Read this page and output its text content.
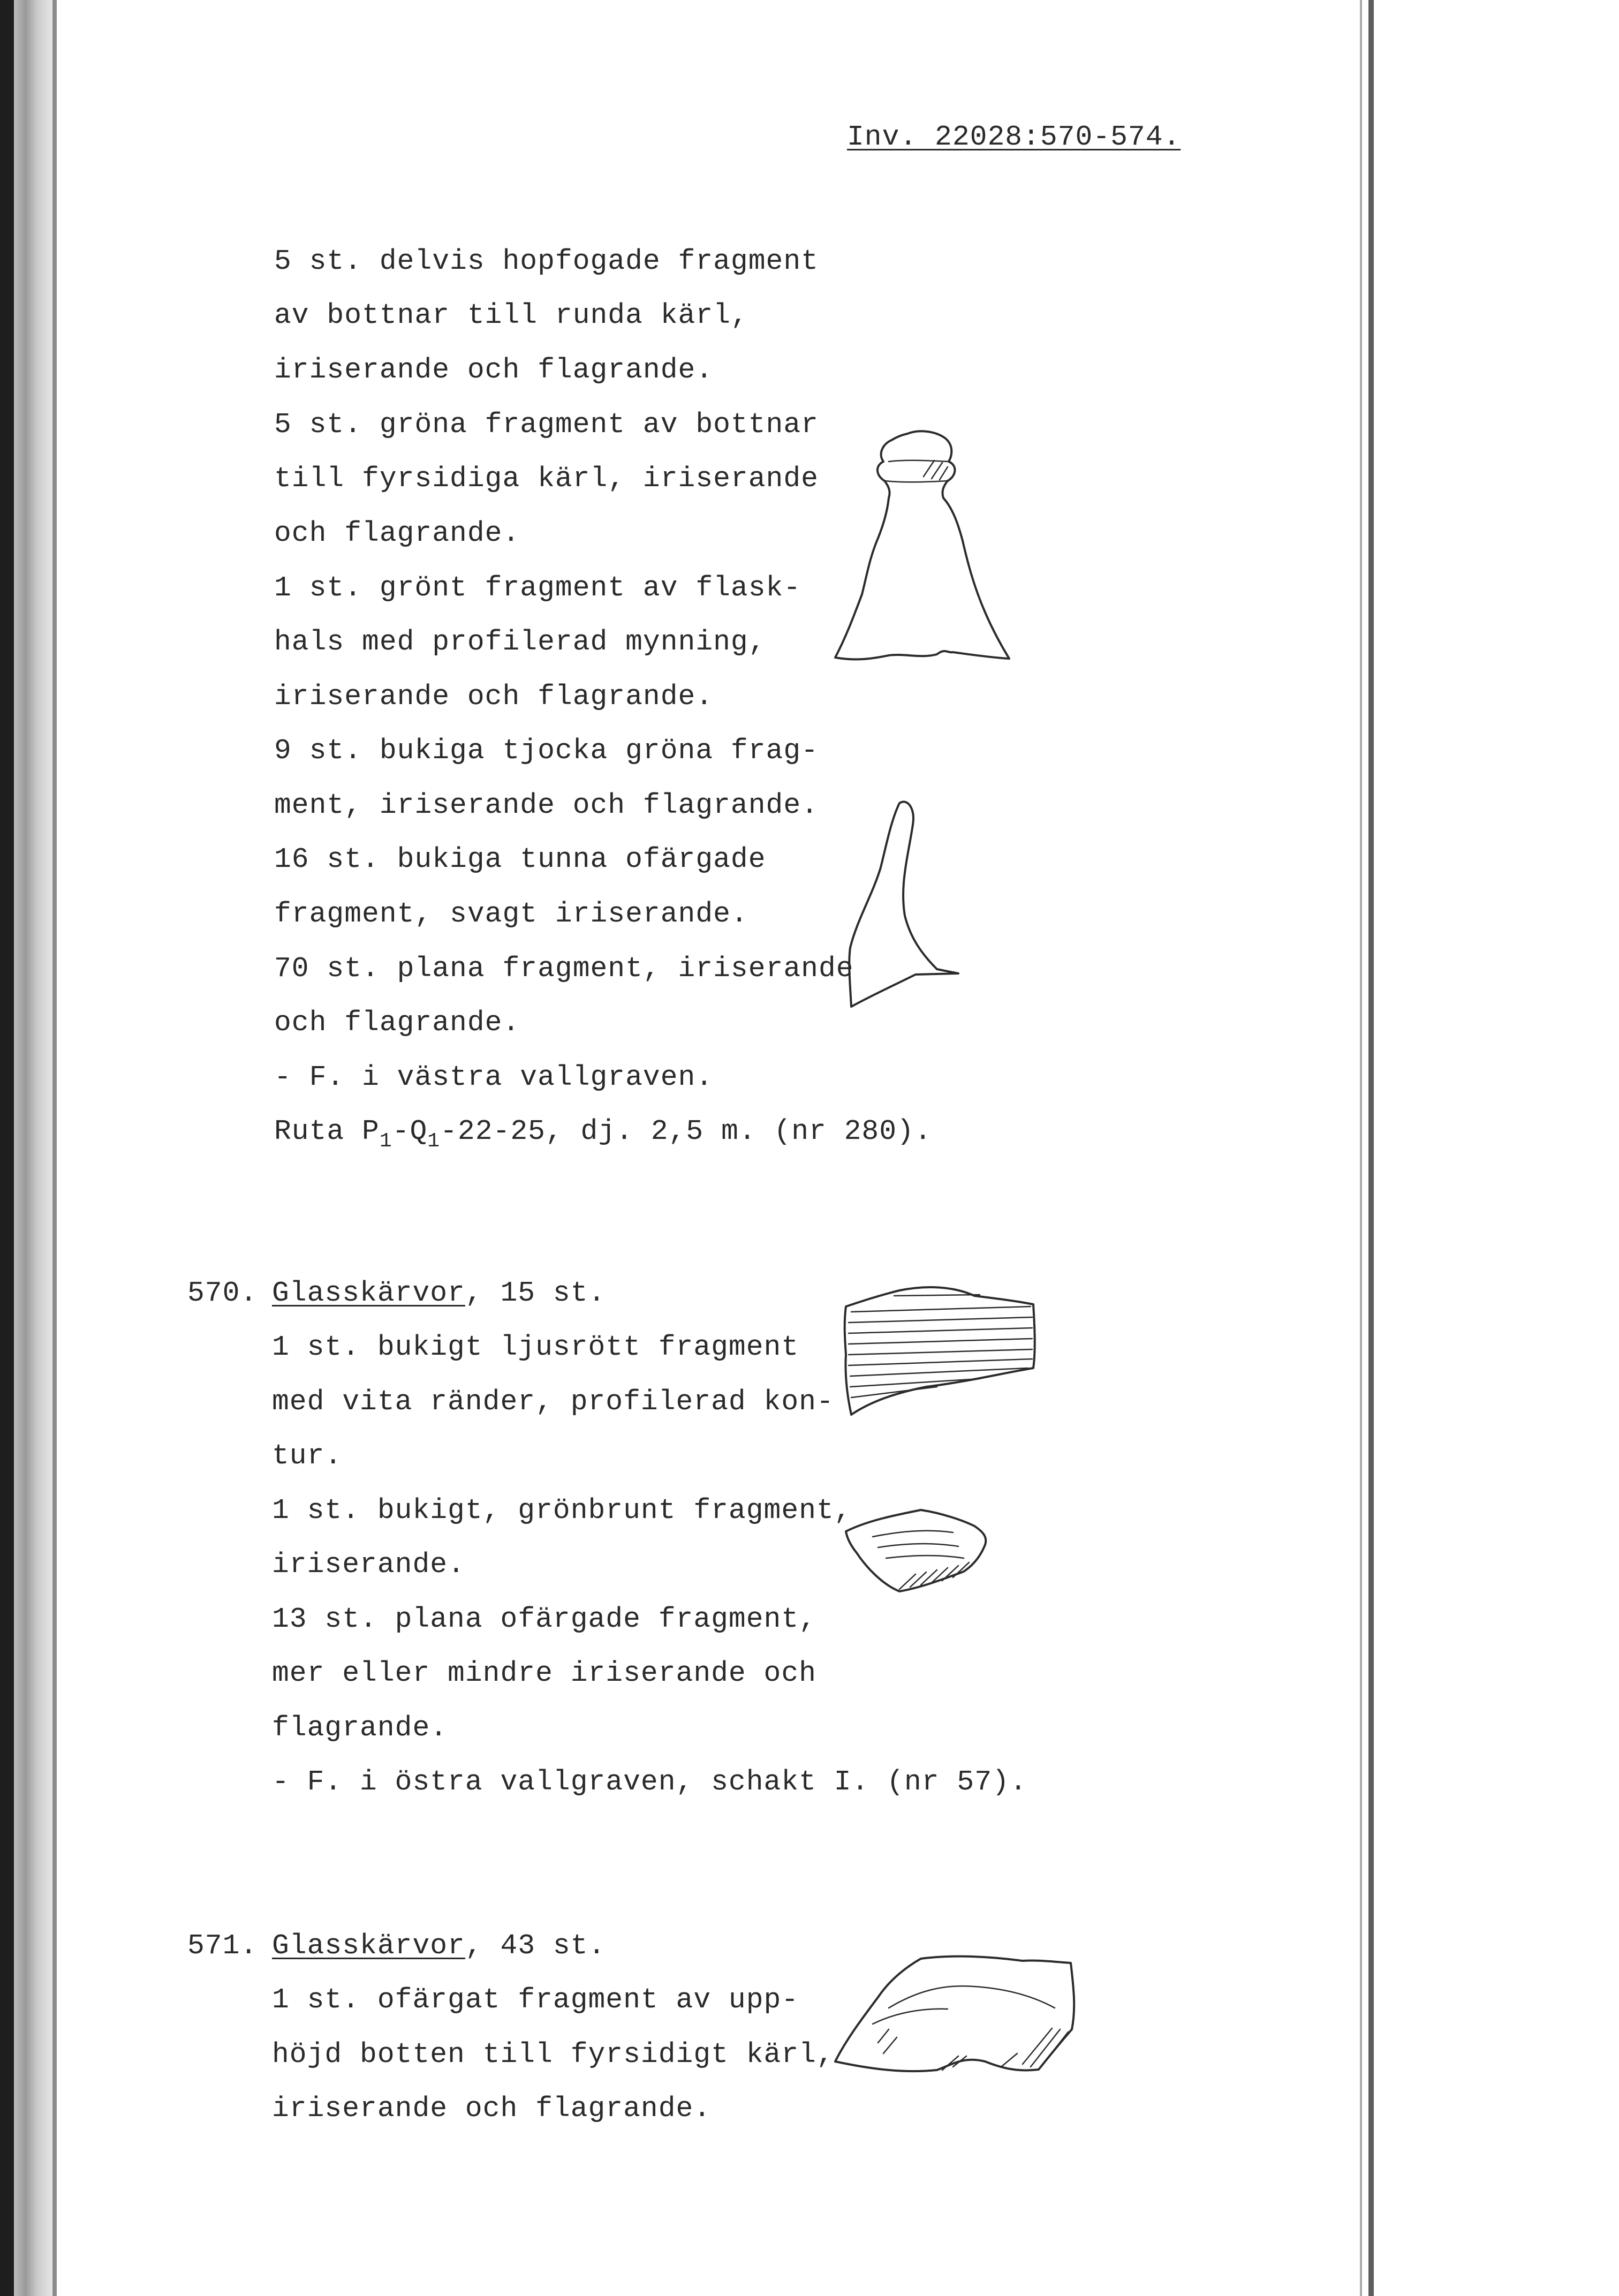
Inv. 22028:570-574.
5 st. delvis hopfogade fragment
av bottnar till runda kärl,
iriserande och flagrande.
5 st. gröna fragment av bottnar
till fyrsidiga kärl, iriserande
och flagrande.
1 st. grönt fragment av flask-
hals med profilerad mynning,
iriserande och flagrande.
9 st. bukiga tjocka gröna frag-
ment, iriserande och flagrande.
16 st. bukiga tunna ofärgade
fragment, svagt iriserande.
70 st. plana fragment, iriserande
och flagrande.
- F. i västra vallgraven.
Ruta $P_1-Q_1-22-25$, dj. 2,5 m. (nr 280).
570. Glasskärvor, 15 st.
1 st. bukigt ljusrött fragment
med vita ränder, profilerad kon-
tur.
1 st. bukigt, grönbrunt fragment,
iriserande.
13 st. plana ofärgade fragment,
mer eller mindre iriserande och
flagrande.
- F. i östra vallgraven, schakt I. (nr 57).
571. Glasskärvor, 43 st.
1 st. ofärgat fragment av upp-
höjd botten till fyrsidigt kärl,
iriserande och flagrande.
